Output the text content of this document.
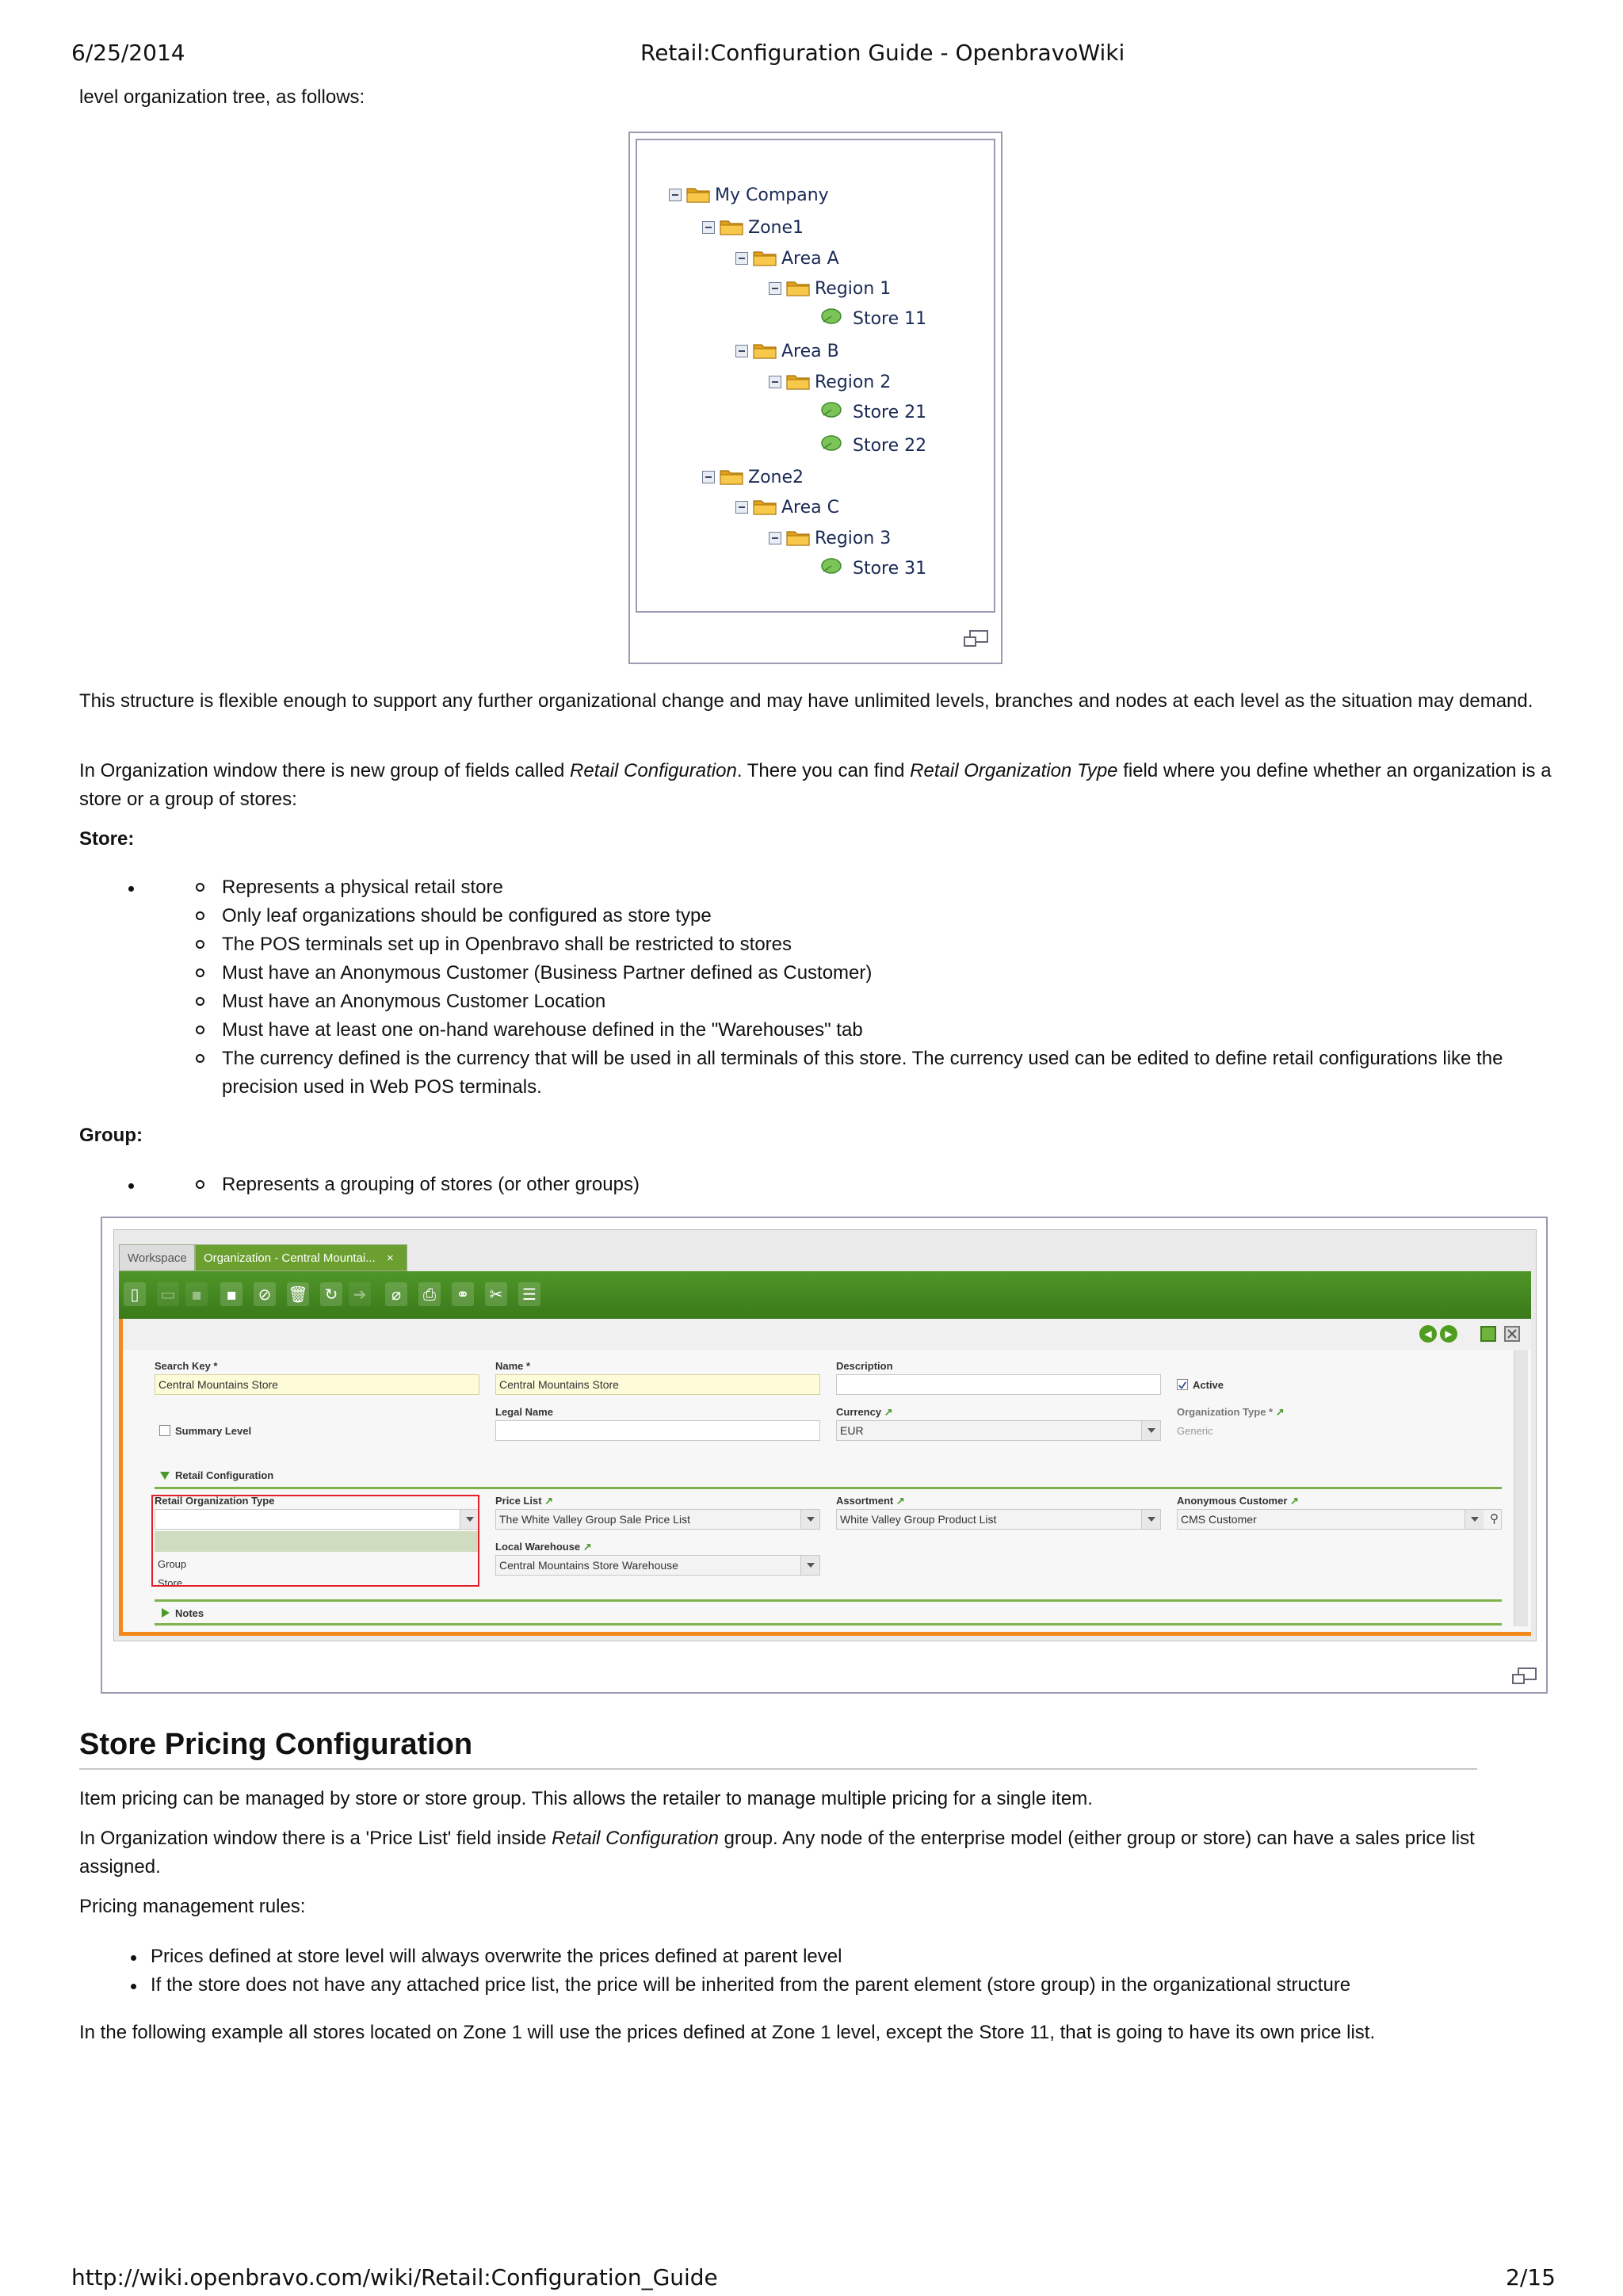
6/25/2014	Retail:Configuration Guide - OpenbravoWiki
level organization tree, as follows:
My Company
Zone1
Area A
Region 1
Store 11
Area B
Region 2
Store 21
Store 22
Zone2
Area C
Region 3
Store 31
This structure is flexible enough to support any further organizational change and may have unlimited levels, branches and nodes at each level as the situation may demand.
In Organization window there is new group of fields called Retail Configuration. There you can find Retail Organization Type field where you define whether an organization is a store or a group of stores:
Store:
Represents a physical retail store
Only leaf organizations should be configured as store type
The POS terminals set up in Openbravo shall be restricted to stores
Must have an Anonymous Customer (Business Partner defined as Customer)
Must have an Anonymous Customer Location
Must have at least one on-hand warehouse defined in the "Warehouses" tab
The currency defined is the currency that will be used in all terminals of this store. The currency used can be edited to define retail configurations like the precision used in Web POS terminals.
Group:
Represents a grouping of stores (or other groups)
Workspace	Organization - Central Mountai... ×
▯	▭ ▪	▪	⊘ 🗑 ↻ ➔	⌀	⎙	⚭ ✂ ☰
◀	▶
Search Key *
Central Mountains Store
Name *
Central Mountains Store
Description
Active
Summary Level
Legal Name	Currency ↗
EUR
Organization Type * ↗
Generic
Retail Configuration
Retail Organization Type
Group
Store
Price List ↗
The White Valley Group Sale Price List
Assortment ↗
White Valley Group Product List
Anonymous Customer ↗
CMS Customer	⚲
Local Warehouse ↗
Central Mountains Store Warehouse
Notes
Store Pricing Configuration
Item pricing can be managed by store or store group. This allows the retailer to manage multiple pricing for a single item.
In Organization window there is a 'Price List' field inside Retail Configuration group. Any node of the enterprise model (either group or store) can have a sales price list assigned.
Pricing management rules:
Prices defined at store level will always overwrite the prices defined at parent level
If the store does not have any attached price list, the price will be inherited from the parent element (store group) in the organizational structure
In the following example all stores located on Zone 1 will use the prices defined at Zone 1 level, except the Store 11, that is going to have its own price list.
http://wiki.openbravo.com/wiki/Retail:Configuration_Guide	2/15
